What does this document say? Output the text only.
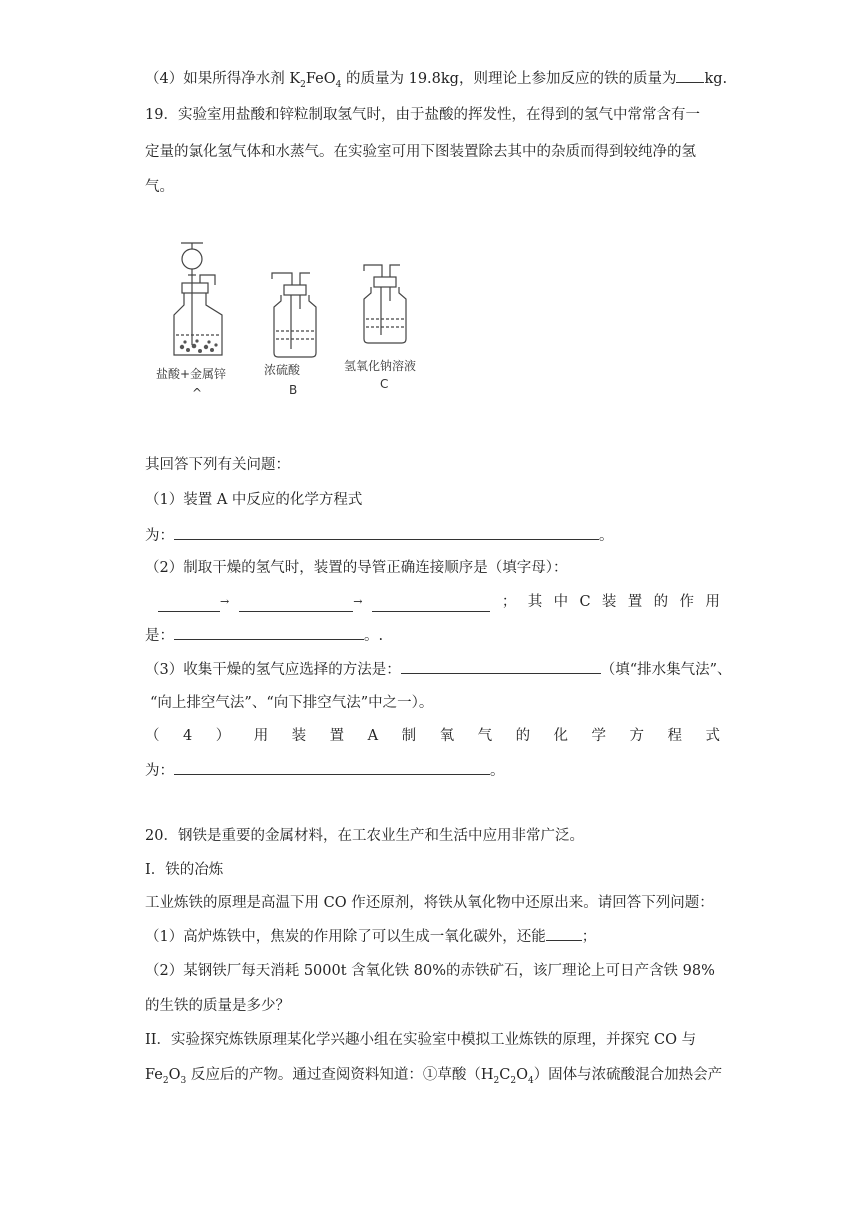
（4）如果所得净水剂 $K_2FeO_4$ 的质量为 19.8kg，则理论上参加反应的铁的质量为 kg.
19．实验室用盐酸和锌粒制取氢气时，由于盐酸的挥发性，在得到的氢气中常常含有一
定量的氯化氢气体和水蒸气。在实验室可用下图装置除去其中的杂质而得到较纯净的氢
气。
盐酸+金属锌
^
浓硫酸
B
氢氧化钠溶液
C
其回答下列有关问题：
（1）装置 A 中反应的化学方程式
为：	。
（2）制取干燥的氢气时，装置的导管正确连接顺序是（填字母）：
→	→	； 其 中 C 装 置 的 作 用
是：	。.
（3）收集干燥的氢气应选择的方法是：	（填“排水集气法”、
“向上排空气法”、“向下排空气法”中之一）。
（ 4 ） 用 装 置 A 制 氧 气 的 化 学 方 程 式
为：	。
20．钢铁是重要的金属材料，在工农业生产和生活中应用非常广泛。
I．铁的冶炼
工业炼铁的原理是高温下用 CO 作还原剂，将铁从氧化物中还原出来。请回答下列问题：
（1）高炉炼铁中，焦炭的作用除了可以生成一氧化碳外，还能 ；
（2）某钢铁厂每天消耗 5000t 含氧化铁 80%的赤铁矿石，该厂理论上可日产含铁 98%
的生铁的质量是多少？
II．实验探究炼铁原理某化学兴趣小组在实验室中模拟工业炼铁的原理，并探究 CO 与
$Fe_2O_3$ 反应后的产物。通过查阅资料知道：①草酸$(H_2C_2O_4)$固体与浓硫酸混合加热会产
